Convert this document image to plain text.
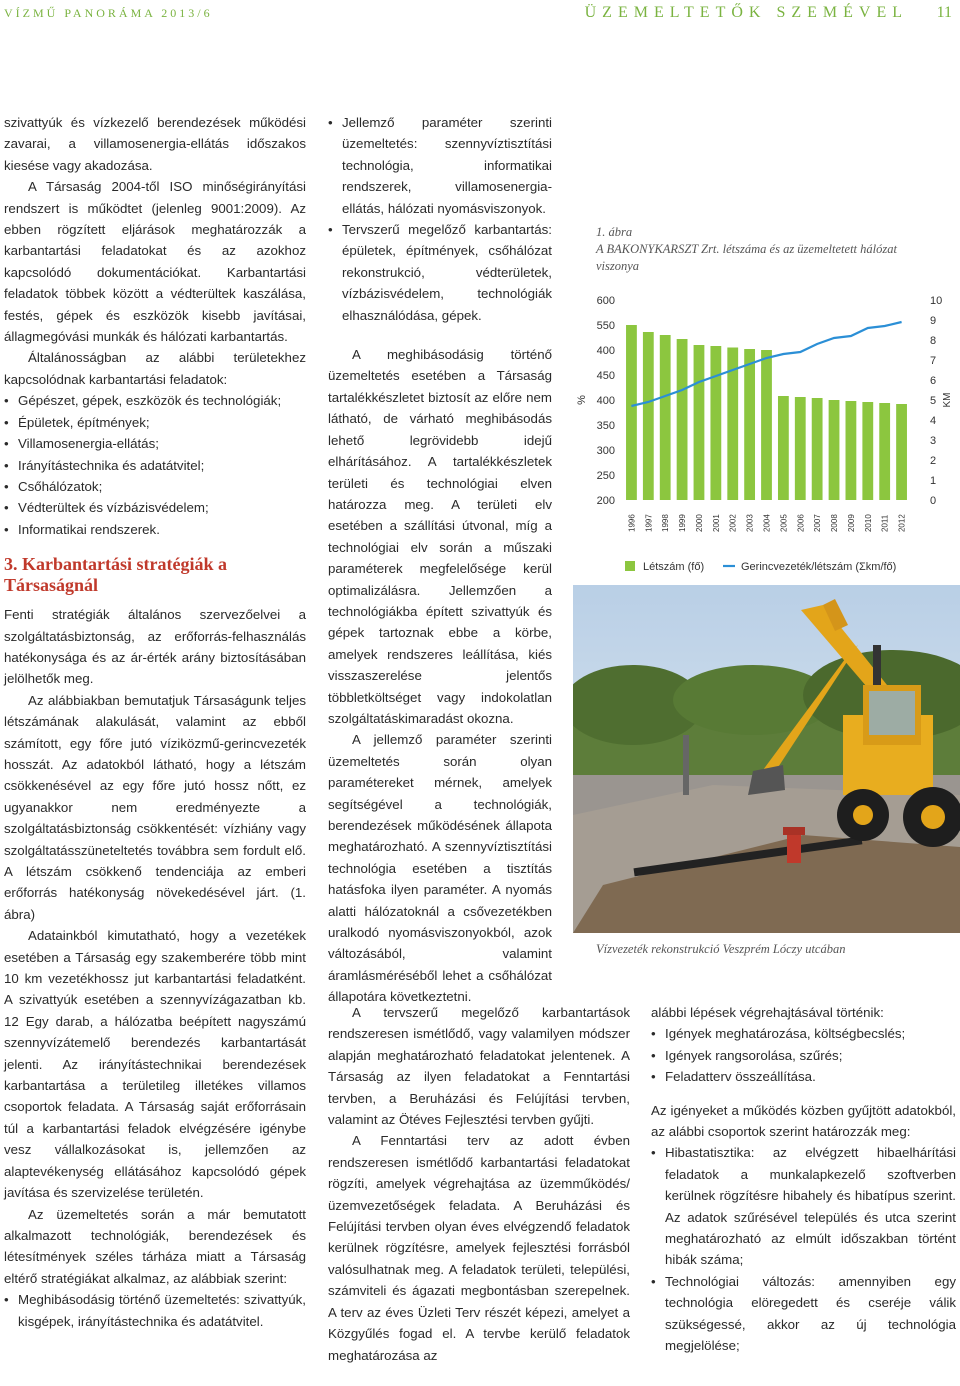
VÍZMŰ PANORÁMA 2013/6	ÜZEMELTETŐK SZEMÉVEL 11

szivattyúk és vízkezelő berendezések működési zavarai, a villamosenergia-ellátás időszakos kiesése vagy akadozása.

A Társaság 2004-től ISO minőségirányítási rendszert is működtet (jelenleg 9001:2009). Az ebben rögzített eljárások meghatározzák a karbantartási feladatokat és az azokhoz kapcsolódó dokumentációkat. Karbantartási feladatok többek között a védterültek kaszálása, festés, gépek és eszközök kisebb javításai, állagmegóvási munkák és hálózati karbantartás.

Általánosságban az alábbi területekhez kapcsolódnak karbantartási feladatok:

• Gépészet, gépek, eszközök és technológiák;
• Épületek, építmények;
• Villamosenergia-ellátás;
• Irányítástechnika és adatátvitel;
• Csőhálózatok;
• Védterültek és vízbázisvédelem;
• Informatikai rendszerek.
3. Karbantartási stratégiák a Társaságnál

Fenti stratégiák általános szervezőelvei a szolgáltatásbiztonság, az erőforrás-felhasználás hatékonysága és az ár-érték arány biztosításában jelölhetők meg.

Az alábbiakban bemutatjuk Társaságunk teljes létszámának alakulását, valamint az ebből számított, egy főre jutó víziközmű-gerincvezeték hosszát. Az adatokból látható, hogy a létszám csökkenésével az egy főre jutó hossz nőtt, ez ugyanakkor nem eredményezte a szolgáltatásbiztonság csökkentését: vízhiány vagy szolgáltatásszüneteltetés továbbra sem fordult elő. A létszám csökkenő tendenciája az emberi erőforrás hatékonyság növekedésével járt. (1. ábra)

Adatainkból kimutatható, hogy a vezetékek esetében a Társaság egy szakemberére több mint 10 km vezetékhossz jut karbantartási feladatként. A szivattyúk esetében a szennyvízágazatban kb. 12 Egy darab, a hálózatba beépített nagyszámú szennyvízátemelő berendezés karbantartását jelenti. Az irányítástechnikai berendezések karbantartása a területileg illetékes villamos csoportok feladata. A Társaság saját erőforrásain túl a karbantartási feladok elvégzésére igénybe vesz vállalkozásokat is, jellemzően az alaptevékenység ellátásához kapcsolódó gépek javítása és szervizelése területén.

Az üzemeltetés során a már bemutatott alkalmazott technológiák, berendezések és létesítmények széles tárháza miatt a Társaság eltérő stratégiákat alkalmaz, az alábbiak szerint:

• Meghibásodásig történő üzemeltetés: szivattyúk, kisgépek, irányítástechnika és adatátvitel.
• Jellemző paraméter szerinti üzemeltetés: szennyvíztisztítási technológia, informatikai rendszerek, villamosenergia-ellátás, hálózati nyomásviszonyok.
• Tervszerű megelőző karbantartás: épületek, építmények, csőhálózat rekonstrukció, védterületek, vízbázisvédelem, technológiák elhasználódása, gépek.

A meghibásodásig történő üzemeltetés esetében a Társaság tartalékkészletet biztosít az előre nem látható, de várható meghibásodás lehető legrövidebb idejű elhárításához. A tartalékkészletek területi és technológiai elven határozza meg. A területi elv esetében a szállítási útvonal, míg a technológiai elv során a műszaki paraméterek megfelelősége kerül optimalizálásra. Jellemzően a technológiákba épített szivattyúk és gépek tartoznak ebbe a körbe, amelyek rendszeres leállítása, kiés visszaszerelése jelentős többletköltséget vagy indokolatlan szolgáltatáskimaradást okozna.

A jellemző paraméter szerinti üzemeltetés során olyan paramétereket mérnek, amelyek segítségével a technológiák, berendezések működésének állapota meghatározható. A szennyvíztisztítási technológia esetében a tisztítás hatásfoka ilyen paraméter. A nyomás alatti hálózatoknál a csővezetékben uralkodó nyomásviszonyokból, azok változásából, valamint áramlásméréséből lehet a csőhálózat állapotára következtetni.

A tervszerű megelőző karbantartások rendszeresen ismétlődő, vagy valamilyen módszer alapján meghatározható feladatokat jelentenek. A Társaság az ilyen feladatokat a Fenntartási tervben, a Beruházási és Felújítási tervben, valamint az Ötéves Fejlesztési tervben gyűjti.

A Fenntartási terv az adott évben rendszeresen ismétlődő karbantartási feladatokat rögzíti, amelyek végrehajtása az üzemműködés/üzemvezetőségek feladata. A Beruházási és Felújítási tervben olyan éves elvégzendő feladatok kerülnek rögzítésre, amelyek fejlesztési forrásból valósulhatnak meg. A feladatok területi, települési, számviteli és ágazati megbontásban szerepelnek. A terv az éves Üzleti Terv részét képezi, amelyet a Közgyűlés fogad el. A tervbe kerülő feladatok meghatározása az

1. ábra
A BAKONYKARSZT Zrt. létszáma és az üzemeltetett hálózat viszonya
600
550
400
450
400
350
300
250
200
%
10
9
8
7
6
5
4
3
2
1
0
KM
1996 1997 1998 1999 2000 2001 2002 2003 2004 2005 2006 2007 2008 2009 2010 2011 2012
Létszám (fő)	Gerincvezeték/létszám (Σkm/fő)
Vízvezeték rekonstrukció Veszprém Lóczy utcában

alábbi lépések végrehajtásával történik:

• Igények meghatározása, költségbecslés;
• Igények rangsorolása, szűrés;
• Feladatterv összeállítása.

Az igényeket a működés közben gyűjtött adatokból, az alábbi csoportok szerint határozzák meg:

• Hibastatisztika: az elvégzett hibaelhárítási feladatok a munkalapkezelő szoftverben kerülnek rögzítésre hibahely és hibatípus szerint. Az adatok szűrésével település és utca szerint meghatározható az elmúlt időszakban történt hibák száma;
• Technológiai változás: amennyiben egy technológia elöregedett és cseréje válik szükségessé, akkor az új technológia megjelölése;
